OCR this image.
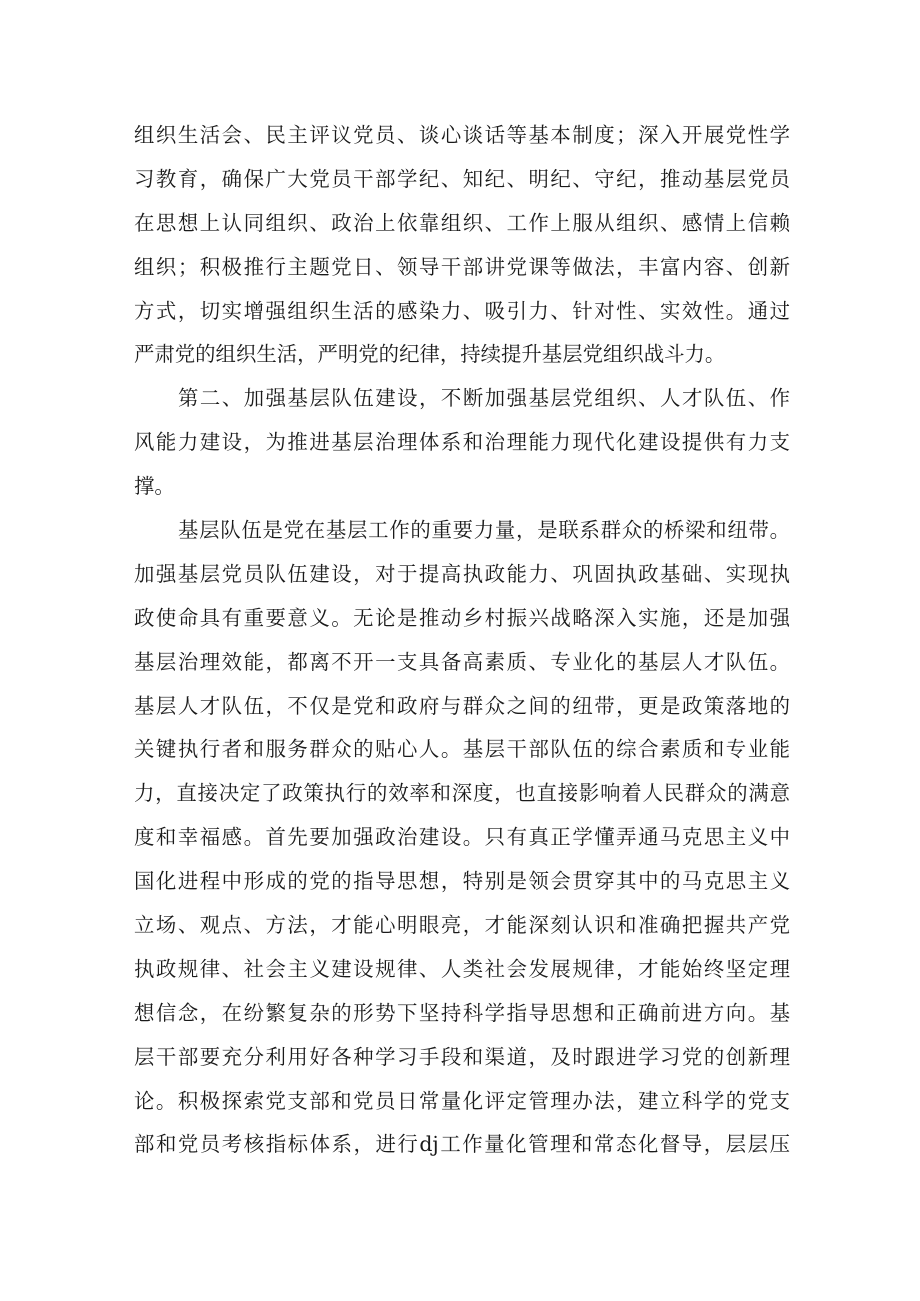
组织生活会、民主评议党员、谈心谈话等基本制度；深入开展党性学
习教育，确保广大党员干部学纪、知纪、明纪、守纪，推动基层党员
在思想上认同组织、政治上依靠组织、工作上服从组织、感情上信赖
组织；积极推行主题党日、领导干部讲党课等做法，丰富内容、创新
方式，切实增强组织生活的感染力、吸引力、针对性、实效性。通过
严肃党的组织生活，严明党的纪律，持续提升基层党组织战斗力。
第二、加强基层队伍建设，不断加强基层党组织、人才队伍、作
风能力建设，为推进基层治理体系和治理能力现代化建设提供有力支
撑。
基层队伍是党在基层工作的重要力量，是联系群众的桥梁和纽带。
加强基层党员队伍建设，对于提高执政能力、巩固执政基础、实现执
政使命具有重要意义。无论是推动乡村振兴战略深入实施，还是加强
基层治理效能，都离不开一支具备高素质、专业化的基层人才队伍。
基层人才队伍，不仅是党和政府与群众之间的纽带，更是政策落地的
关键执行者和服务群众的贴心人。基层干部队伍的综合素质和专业能
力，直接决定了政策执行的效率和深度，也直接影响着人民群众的满意
度和幸福感。首先要加强政治建设。只有真正学懂弄通马克思主义中
国化进程中形成的党的指导思想，特别是领会贯穿其中的马克思主义
立场、观点、方法，才能心明眼亮，才能深刻认识和准确把握共产党
执政规律、社会主义建设规律、人类社会发展规律，才能始终坚定理
想信念，在纷繁复杂的形势下坚持科学指导思想和正确前进方向。基
层干部要充分利用好各种学习手段和渠道，及时跟进学习党的创新理
论。积极探索党支部和党员日常量化评定管理办法，建立科学的党支
部和党员考核指标体系，进行dj工作量化管理和常态化督导，层层压
